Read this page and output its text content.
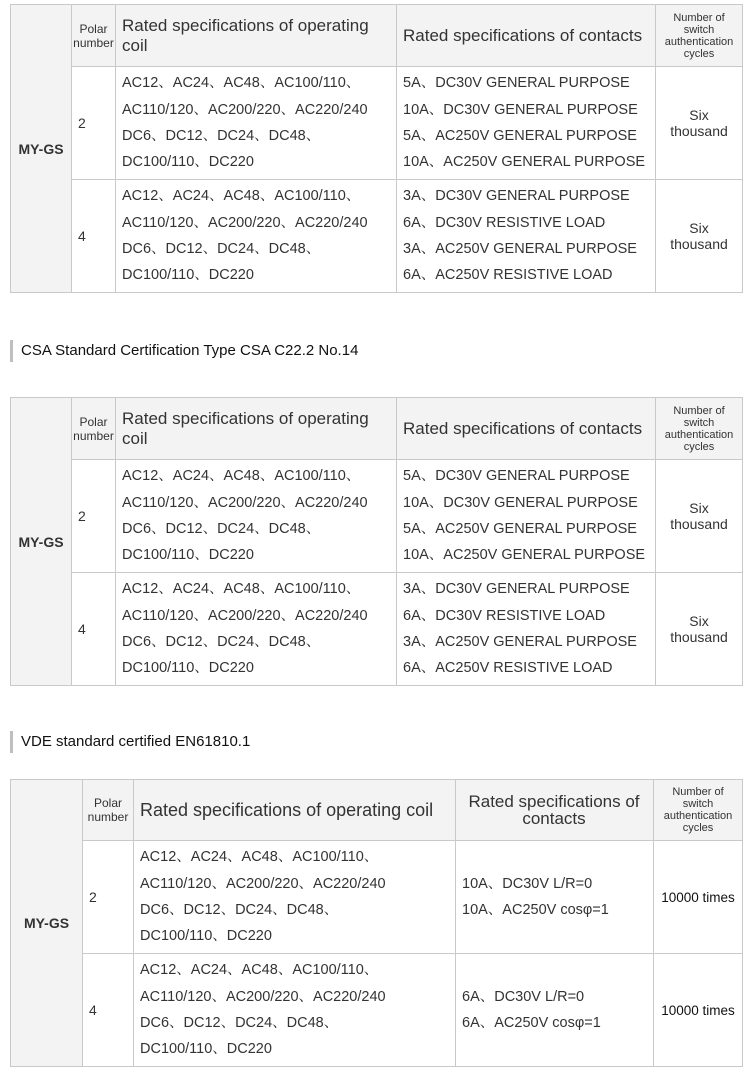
MY-GS	Polar
number	Rated specifications of operating coil	Rated specifications of contacts	Number of
switch
authentication
cycles
	2	AC12、AC24、AC48、AC100/110、
AC110/120、AC200/220、AC220/240
DC6、DC12、DC24、DC48、
DC100/110、DC220	5A、DC30V GENERAL PURPOSE
10A、DC30V GENERAL PURPOSE
5A、AC250V GENERAL PURPOSE
10A、AC250V GENERAL PURPOSE	Six
thousand
	4	AC12、AC24、AC48、AC100/110、
AC110/120、AC200/220、AC220/240
DC6、DC12、DC24、DC48、
DC100/110、DC220	3A、DC30V GENERAL PURPOSE
6A、DC30V RESISTIVE LOAD
3A、AC250V GENERAL PURPOSE
6A、AC250V RESISTIVE LOAD	Six
thousand
CSA Standard Certification Type CSA C22.2 No.14
MY-GS	Polar
number	Rated specifications of operating coil	Rated specifications of contacts	Number of
switch
authentication
cycles
	2	AC12、AC24、AC48、AC100/110、
AC110/120、AC200/220、AC220/240
DC6、DC12、DC24、DC48、
DC100/110、DC220	5A、DC30V GENERAL PURPOSE
10A、DC30V GENERAL PURPOSE
5A、AC250V GENERAL PURPOSE
10A、AC250V GENERAL PURPOSE	Six
thousand
	4	AC12、AC24、AC48、AC100/110、
AC110/120、AC200/220、AC220/240
DC6、DC12、DC24、DC48、
DC100/110、DC220	3A、DC30V GENERAL PURPOSE
6A、DC30V RESISTIVE LOAD
3A、AC250V GENERAL PURPOSE
6A、AC250V RESISTIVE LOAD	Six
thousand
VDE standard certified EN61810.1
MY-GS	Polar
number	Rated specifications of operating coil	Rated specifications of
contacts	Number of
switch
authentication
cycles
	2	AC12、AC24、AC48、AC100/110、
AC110/120、AC200/220、AC220/240
DC6、DC12、DC24、DC48、
DC100/110、DC220	10A、DC30V L/R=0
10A、AC250V cosφ=1	10000 times
	4	AC12、AC24、AC48、AC100/110、
AC110/120、AC200/220、AC220/240
DC6、DC12、DC24、DC48、
DC100/110、DC220	6A、DC30V L/R=0
6A、AC250V cosφ=1	10000 times
